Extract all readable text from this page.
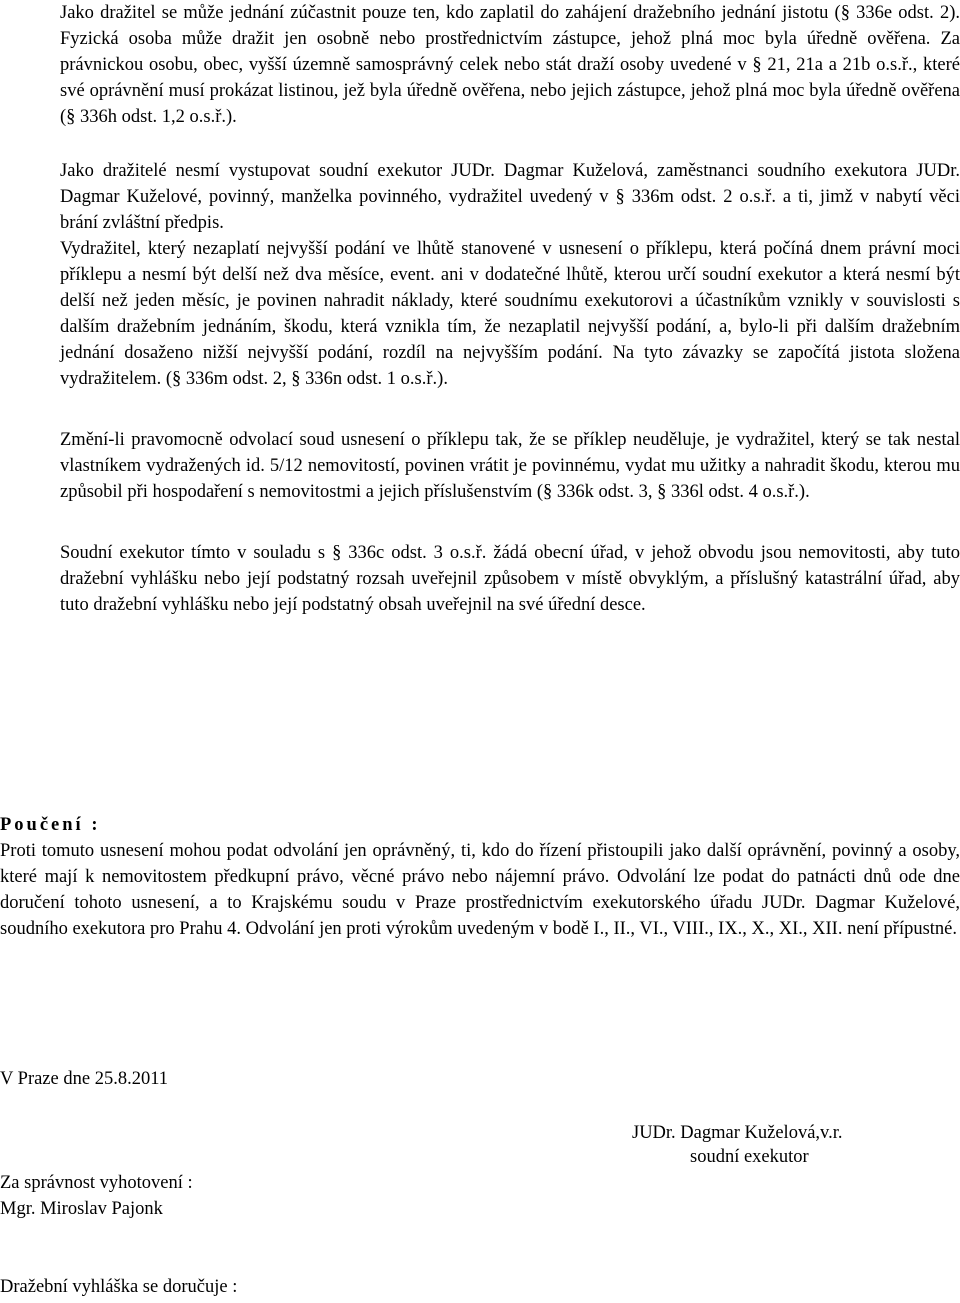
Jako dražitel se může jednání zúčastnit pouze ten, kdo zaplatil do zahájení dražebního jednání jistotu (§ 336e odst. 2). Fyzická osoba může dražit jen osobně nebo prostřednictvím zástupce, jehož plná moc byla úředně ověřena. Za právnickou osobu, obec, vyšší územně samosprávný celek nebo stát draží osoby uvedené v § 21, 21a a 21b o.s.ř., které své oprávnění musí prokázat listinou, jež byla úředně ověřena, nebo jejich zástupce, jehož plná moc byla úředně ověřena (§ 336h odst. 1,2 o.s.ř.).

Jako dražitelé nesmí vystupovat soudní exekutor JUDr. Dagmar Kuželová, zaměstnanci soudního exekutora JUDr. Dagmar Kuželové, povinný, manželka povinného, vydražitel uvedený v § 336m odst. 2 o.s.ř. a ti, jimž v nabytí věci brání zvláštní předpis.

Vydražitel, který nezaplatí nejvyšší podání ve lhůtě stanovené v usnesení o příklepu, která počíná dnem právní moci příklepu a nesmí být delší než dva měsíce, event. ani v dodatečné lhůtě, kterou určí soudní exekutor a která nesmí být delší než jeden měsíc, je povinen nahradit náklady, které soudnímu exekutorovi a účastníkům vznikly v souvislosti s dalším dražebním jednáním, škodu, která vznikla tím, že nezaplatil nejvyšší podání, a, bylo-li při dalším dražebním jednání dosaženo nižší nejvyšší podání, rozdíl na nejvyšším podání. Na tyto závazky se započítá jistota složena vydražitelem. (§ 336m odst. 2, § 336n odst. 1 o.s.ř.).

Změní-li pravomocně odvolací soud usnesení o příklepu tak, že se příklep neuděluje, je vydražitel, který se tak nestal vlastníkem vydražených id. 5/12 nemovitostí, povinen vrátit je povinnému, vydat mu užitky a nahradit škodu, kterou mu způsobil při hospodaření s nemovitostmi a jejich příslušenstvím (§ 336k odst. 3, § 336l odst. 4 o.s.ř.).

Soudní exekutor tímto v souladu s § 336c odst. 3 o.s.ř. žádá obecní úřad, v jehož obvodu jsou nemovitosti, aby tuto dražební vyhlášku nebo její podstatný rozsah uveřejnil způsobem v místě obvyklým, a příslušný katastrální úřad, aby tuto dražební vyhlášku nebo její podstatný obsah uveřejnil na své úřední desce.

Poučení :

Proti tomuto usnesení mohou podat odvolání jen oprávněný, ti, kdo do řízení přistoupili jako další oprávnění, povinný a osoby, které mají k nemovitostem předkupní právo, věcné právo nebo nájemní právo. Odvolání lze podat do patnácti dnů ode dne doručení tohoto usnesení, a to Krajskému soudu v Praze prostřednictvím exekutorského úřadu JUDr. Dagmar Kuželové, soudního exekutora pro Prahu 4. Odvolání jen proti výrokům uvedeným v bodě I., II., VI., VIII., IX., X., XI., XII. není přípustné.

V Praze dne 25.8.2011
JUDr. Dagmar Kuželová,v.r.
soudní exekutor
Za správnost vyhotovení :
Mgr. Miroslav Pajonk
Dražební vyhláška se doručuje :
